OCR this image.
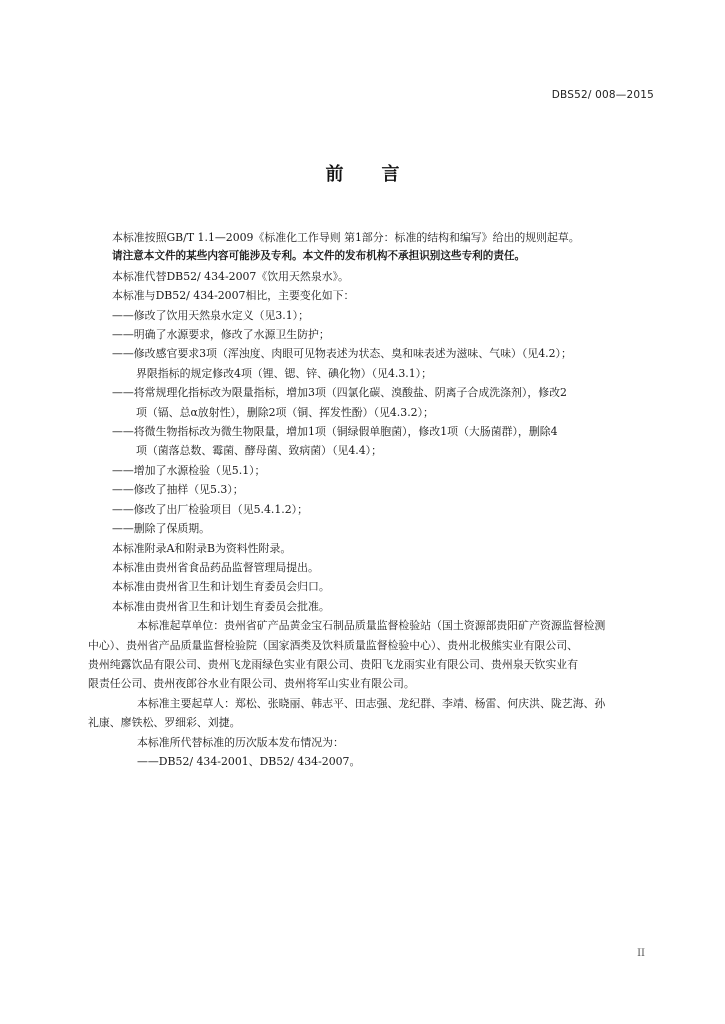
DBS52/ 008—2015
前 言

本标准按照GB/T 1.1—2009《标准化工作导则 第1部分：标准的结构和编写》给出的规则起草。

请注意本文件的某些内容可能涉及专利。本文件的发布机构不承担识别这些专利的责任。

本标准代替DB52/ 434-2007《饮用天然泉水》。

本标准与DB52/ 434-2007相比，主要变化如下：

——修改了饮用天然泉水定义（见3.1）；

——明确了水源要求，修改了水源卫生防护；

——修改感官要求3项（浑浊度、肉眼可见物表述为状态、臭和味表述为滋味、气味）（见4.2）；

界限指标的规定修改4项（锂、锶、锌、碘化物）（见4.3.1）；

——将常规理化指标改为限量指标，增加3项（四氯化碳、溴酸盐、阴离子合成洗涤剂），修改2

项（镉、总α放射性），删除2项（铜、挥发性酚）（见4.3.2）；

——将微生物指标改为微生物限量，增加1项（铜绿假单胞菌），修改1项（大肠菌群），删除4

项（菌落总数、霉菌、酵母菌、致病菌）（见4.4）；

——增加了水源检验（见5.1）；

——修改了抽样（见5.3）；

——修改了出厂检验项目（见5.4.1.2）；

——删除了保质期。

本标准附录A和附录B为资料性附录。

本标准由贵州省食品药品监督管理局提出。

本标准由贵州省卫生和计划生育委员会归口。

本标准由贵州省卫生和计划生育委员会批准。

本标准起草单位：贵州省矿产品黄金宝石制品质量监督检验站（国土资源部贵阳矿产资源监督检测

中心）、贵州省产品质量监督检验院（国家酒类及饮料质量监督检验中心）、贵州北极熊实业有限公司、

贵州纯露饮品有限公司、贵州飞龙雨绿色实业有限公司、贵阳飞龙雨实业有限公司、贵州泉天钦实业有

限责任公司、贵州夜郎谷水业有限公司、贵州将军山实业有限公司。

本标准主要起草人：郑松、张晓丽、韩志平、田志强、龙纪群、李靖、杨雷、何庆洪、陇艺海、孙

礼康、廖铁松、罗细彩、刘捷。

本标准所代替标准的历次版本发布情况为：

——DB52/ 434-2001、DB52/ 434-2007。

II
